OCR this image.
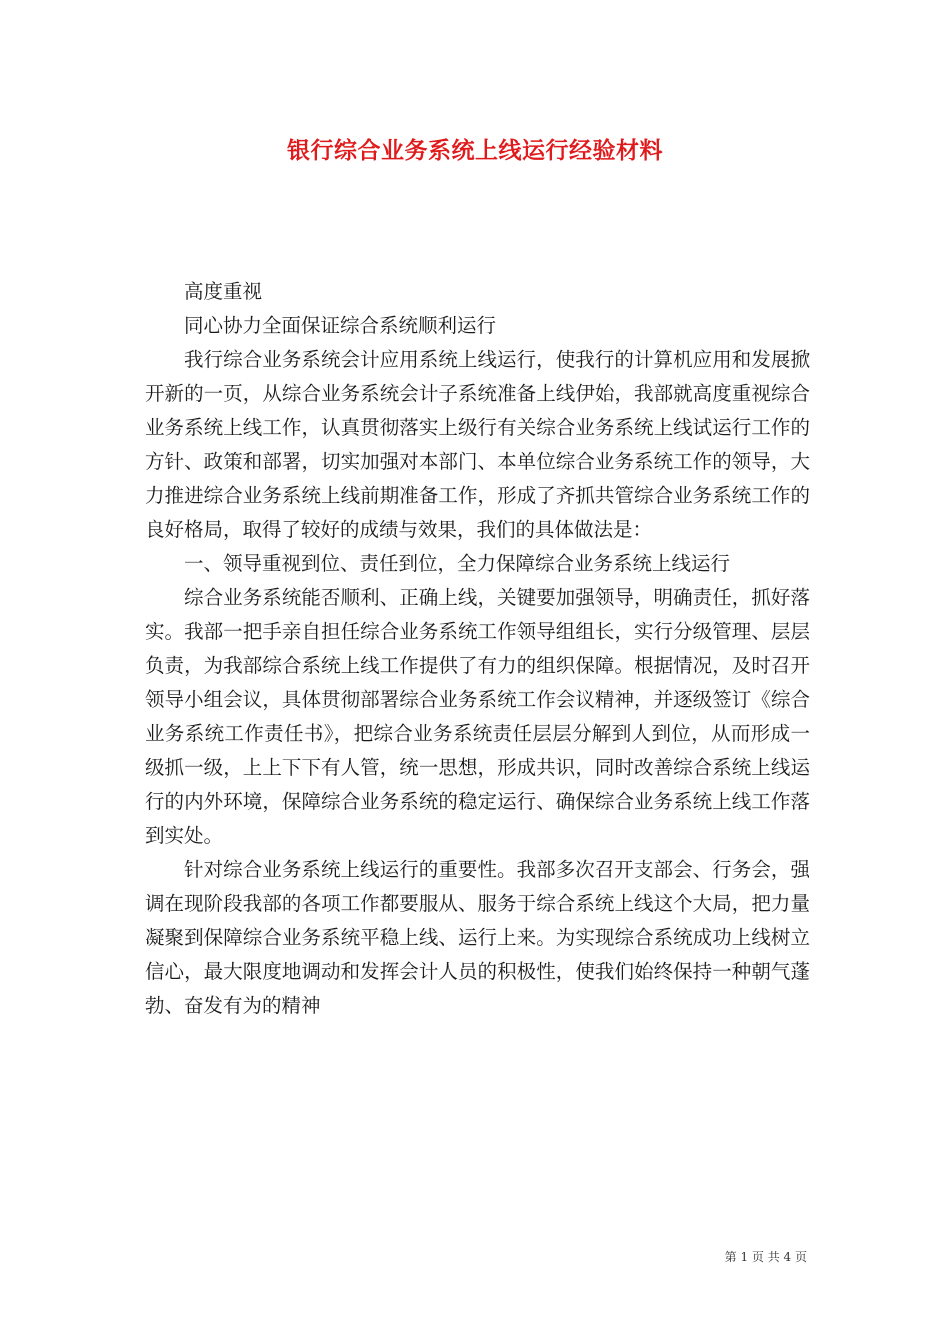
银行综合业务系统上线运行经验材料

高度重视

同心协力全面保证综合系统顺利运行

我行综合业务系统会计应用系统上线运行，使我行的计算机应用和发展掀开新的一页，从综合业务系统会计子系统准备上线伊始，我部就高度重视综合业务系统上线工作，认真贯彻落实上级行有关综合业务系统上线试运行工作的方针、政策和部署，切实加强对本部门、本单位综合业务系统工作的领导，大力推进综合业务系统上线前期准备工作，形成了齐抓共管综合业务系统工作的良好格局，取得了较好的成绩与效果，我们的具体做法是：

一、领导重视到位、责任到位，全力保障综合业务系统上线运行

综合业务系统能否顺利、正确上线，关键要加强领导，明确责任，抓好落实。我部一把手亲自担任综合业务系统工作领导组组长，实行分级管理、层层负责，为我部综合系统上线工作提供了有力的组织保障。根据情况，及时召开领导小组会议，具体贯彻部署综合业务系统工作会议精神，并逐级签订《综合业务系统工作责任书》，把综合业务系统责任层层分解到人到位，从而形成一级抓一级，上上下下有人管，统一思想，形成共识，同时改善综合系统上线运行的内外环境，保障综合业务系统的稳定运行、确保综合业务系统上线工作落到实处。

针对综合业务系统上线运行的重要性。我部多次召开支部会、行务会，强调在现阶段我部的各项工作都要服从、服务于综合系统上线这个大局，把力量凝聚到保障综合业务系统平稳上线、运行上来。为实现综合系统成功上线树立信心，最大限度地调动和发挥会计人员的积极性，使我们始终保持一种朝气蓬勃、奋发有为的精神

第 1 页 共 4 页
